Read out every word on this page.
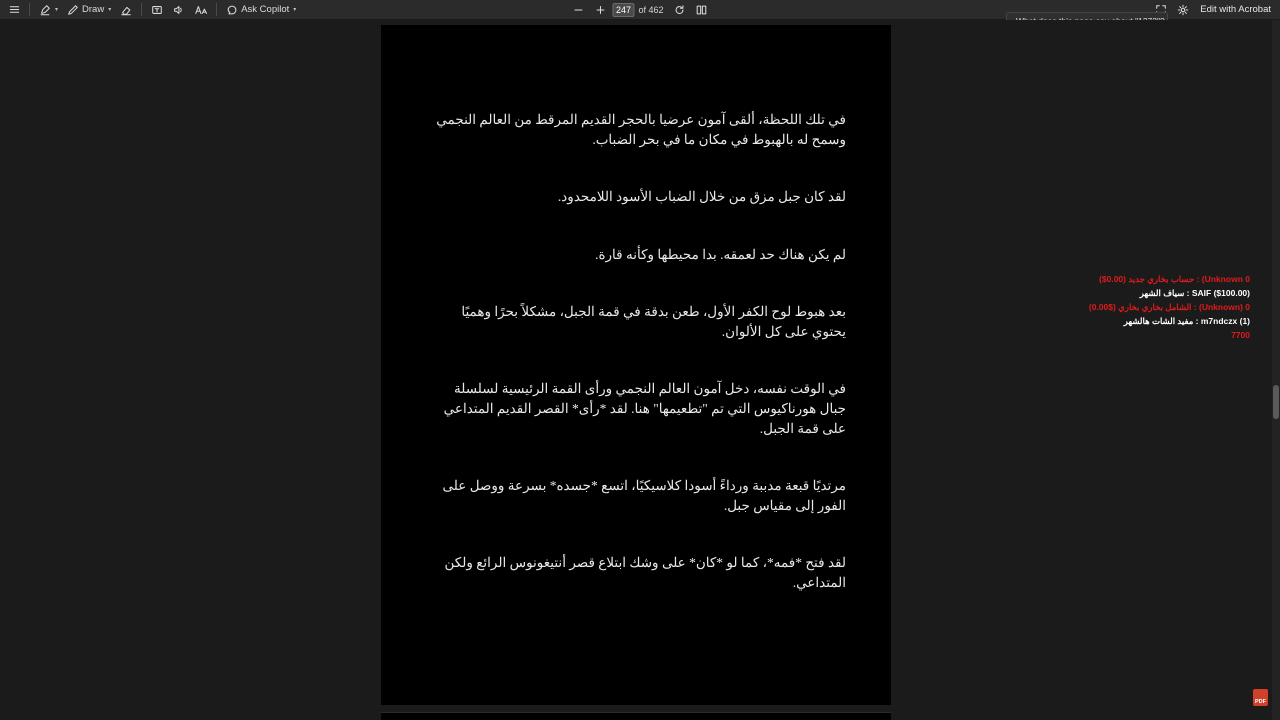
▾	Draw ▾	Ask Copilot ▾	247 of 462	Edit with Acrobat

في تلك اللحظة، ألقى آمون عرضيا بالحجر القديم المرقط من العالم النجمي وسمح له بالهبوط في مكان ما في بحر الضباب.

لقد كان جبل مزق من خلال الضباب الأسود اللامحدود.

لم يكن هناك حد لعمقه. بدا محيطها وكأنه قارة.

بعد هبوط لوح الكفر الأول، طعن بدقة في قمة الجبل، مشكلاً بحرًا وهميًا يحتوي على كل الألوان.

في الوقت نفسه، دخل آمون العالم النجمي ورأى القمة الرئيسية لسلسلة جبال هورناكيوس التي تم "تطعيمها" هنا. لقد *رأى* القصر القديم المتداعي على قمة الجبل.

مرتديًا قبعة مدببة ورداءً أسودا كلاسيكيًا، اتسع *جسده* بسرعة ووصل على الفور إلى مقياس جبل.

لقد فتح *فمه*، كما لو *كان* على وشك ابتلاع قصر أنتيغونوس الرائع ولكن المتداعي.

0 Unknown) : حساب بخاري جديد (0.00$)
SAIF ($100.00) : سياف الشهر
0 (Unknown) : الشامل بخاري بخاري ($0.00)
m7ndczx (1) : مفيد الشات هالشهر
7700
PDF
